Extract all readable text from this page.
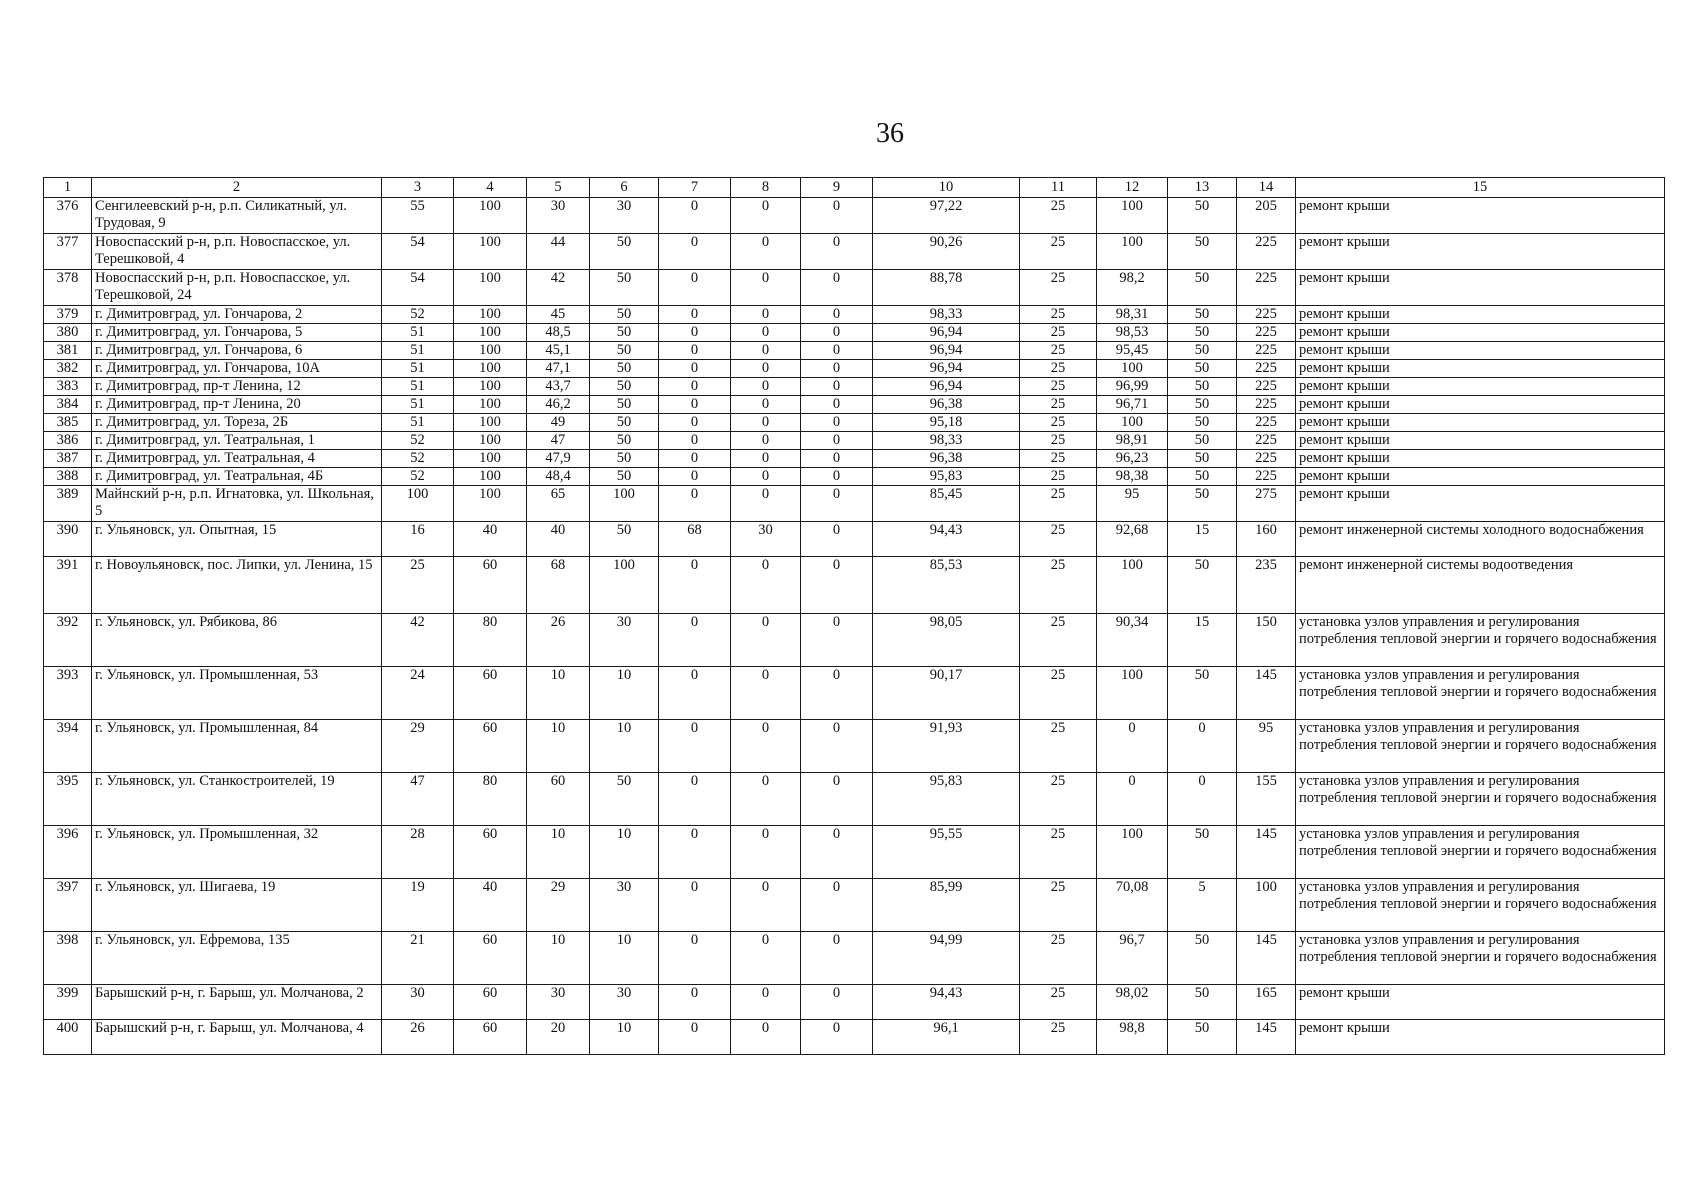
36
1	2	3	4	5	6	7	8	9	10	11	12	13	14	15
376	Сенгилеевский р-н, р.п. Силикатный, ул. Трудовая, 9	55	100	30	30	0	0	0	97,22	25	100	50	205	ремонт крыши
377	Новоспасский р-н, р.п. Новоспасское, ул. Терешковой, 4	54	100	44	50	0	0	0	90,26	25	100	50	225	ремонт крыши
378	Новоспасский р-н, р.п. Новоспасское, ул. Терешковой, 24	54	100	42	50	0	0	0	88,78	25	98,2	50	225	ремонт крыши
379	г. Димитровград, ул. Гончарова, 2	52	100	45	50	0	0	0	98,33	25	98,31	50	225	ремонт крыши
380	г. Димитровград, ул. Гончарова, 5	51	100	48,5	50	0	0	0	96,94	25	98,53	50	225	ремонт крыши
381	г. Димитровград, ул. Гончарова, 6	51	100	45,1	50	0	0	0	96,94	25	95,45	50	225	ремонт крыши
382	г. Димитровград, ул. Гончарова, 10А	51	100	47,1	50	0	0	0	96,94	25	100	50	225	ремонт крыши
383	г. Димитровград, пр-т Ленина, 12	51	100	43,7	50	0	0	0	96,94	25	96,99	50	225	ремонт крыши
384	г. Димитровград, пр-т Ленина, 20	51	100	46,2	50	0	0	0	96,38	25	96,71	50	225	ремонт крыши
385	г. Димитровград, ул. Тореза, 2Б	51	100	49	50	0	0	0	95,18	25	100	50	225	ремонт крыши
386	г. Димитровград, ул. Театральная, 1	52	100	47	50	0	0	0	98,33	25	98,91	50	225	ремонт крыши
387	г. Димитровград, ул. Театральная, 4	52	100	47,9	50	0	0	0	96,38	25	96,23	50	225	ремонт крыши
388	г. Димитровград, ул. Театральная, 4Б	52	100	48,4	50	0	0	0	95,83	25	98,38	50	225	ремонт крыши
389	Майнский р-н, р.п. Игнатовка, ул. Школьная, 5	100	100	65	100	0	0	0	85,45	25	95	50	275	ремонт крыши
390	г. Ульяновск, ул. Опытная, 15	16	40	40	50	68	30	0	94,43	25	92,68	15	160	ремонт инженерной системы холодного водоснабжения
391	г. Новоульяновск, пос. Липки, ул. Ленина, 15	25	60	68	100	0	0	0	85,53	25	100	50	235	ремонт инженерной системы водоотведения
392	г. Ульяновск, ул. Рябикова, 86	42	80	26	30	0	0	0	98,05	25	90,34	15	150	установка узлов управления и регулирования потребления тепловой энергии и горячего водоснабжения
393	г. Ульяновск, ул. Промышленная, 53	24	60	10	10	0	0	0	90,17	25	100	50	145	установка узлов управления и регулирования потребления тепловой энергии и горячего водоснабжения
394	г. Ульяновск, ул. Промышленная, 84	29	60	10	10	0	0	0	91,93	25	0	0	95	установка узлов управления и регулирования потребления тепловой энергии и горячего водоснабжения
395	г. Ульяновск, ул. Станкостроителей, 19	47	80	60	50	0	0	0	95,83	25	0	0	155	установка узлов управления и регулирования потребления тепловой энергии и горячего водоснабжения
396	г. Ульяновск, ул. Промышленная, 32	28	60	10	10	0	0	0	95,55	25	100	50	145	установка узлов управления и регулирования потребления тепловой энергии и горячего водоснабжения
397	г. Ульяновск, ул. Шигаева, 19	19	40	29	30	0	0	0	85,99	25	70,08	5	100	установка узлов управления и регулирования потребления тепловой энергии и горячего водоснабжения
398	г. Ульяновск, ул. Ефремова, 135	21	60	10	10	0	0	0	94,99	25	96,7	50	145	установка узлов управления и регулирования потребления тепловой энергии и горячего водоснабжения
399	Барышский р-н, г. Барыш, ул. Молчанова, 2	30	60	30	30	0	0	0	94,43	25	98,02	50	165	ремонт крыши
400	Барышский р-н, г. Барыш, ул. Молчанова, 4	26	60	20	10	0	0	0	96,1	25	98,8	50	145	ремонт крыши
